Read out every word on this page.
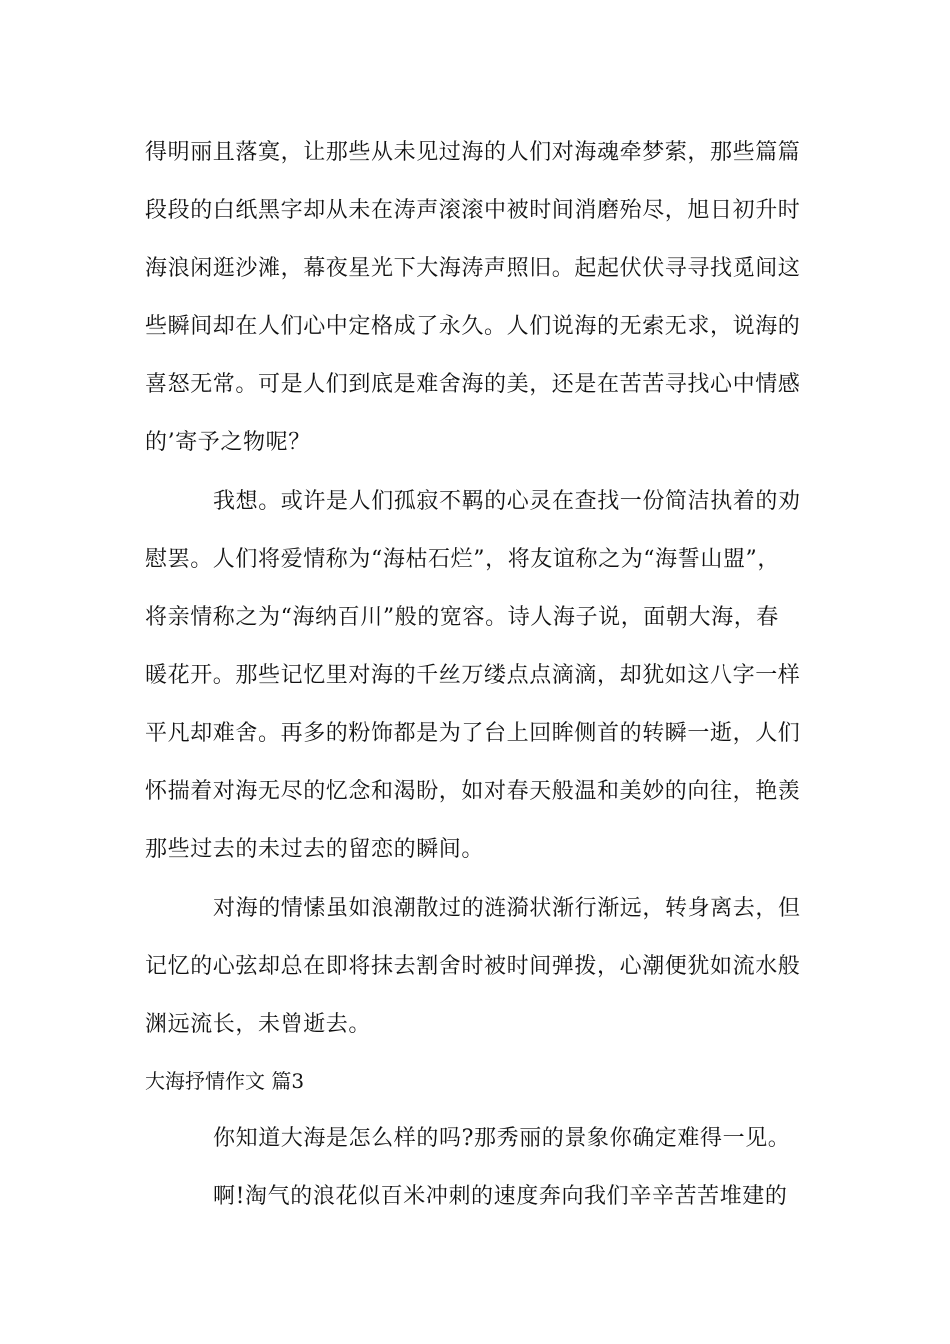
得明丽且落寞，让那些从未见过海的人们对海魂牵梦萦，那些篇篇
段段的白纸黑字却从未在涛声滚滚中被时间消磨殆尽，旭日初升时
海浪闲逛沙滩，幕夜星光下大海涛声照旧。起起伏伏寻寻找觅间这
些瞬间却在人们心中定格成了永久。人们说海的无索无求，说海的
喜怒无常。可是人们到底是难舍海的美，还是在苦苦寻找心中情感
的’寄予之物呢？
我想。或许是人们孤寂不羁的心灵在查找一份简洁执着的劝
慰罢。人们将爱情称为“海枯石烂”，将友谊称之为“海誓山盟”，
将亲情称之为“海纳百川”般的宽容。诗人海子说，面朝大海，春
暖花开。那些记忆里对海的千丝万缕点点滴滴，却犹如这八字一样
平凡却难舍。再多的粉饰都是为了台上回眸侧首的转瞬一逝，人们
怀揣着对海无尽的忆念和渴盼，如对春天般温和美妙的向往，艳羡
那些过去的未过去的留恋的瞬间。
对海的情愫虽如浪潮散过的涟漪状渐行渐远，转身离去，但
记忆的心弦却总在即将抹去割舍时被时间弹拨，心潮便犹如流水般
渊远流长，未曾逝去。
大海抒情作文 篇3
你知道大海是怎么样的吗?那秀丽的景象你确定难得一见。
啊!淘气的浪花似百米冲刺的速度奔向我们辛辛苦苦堆建的
